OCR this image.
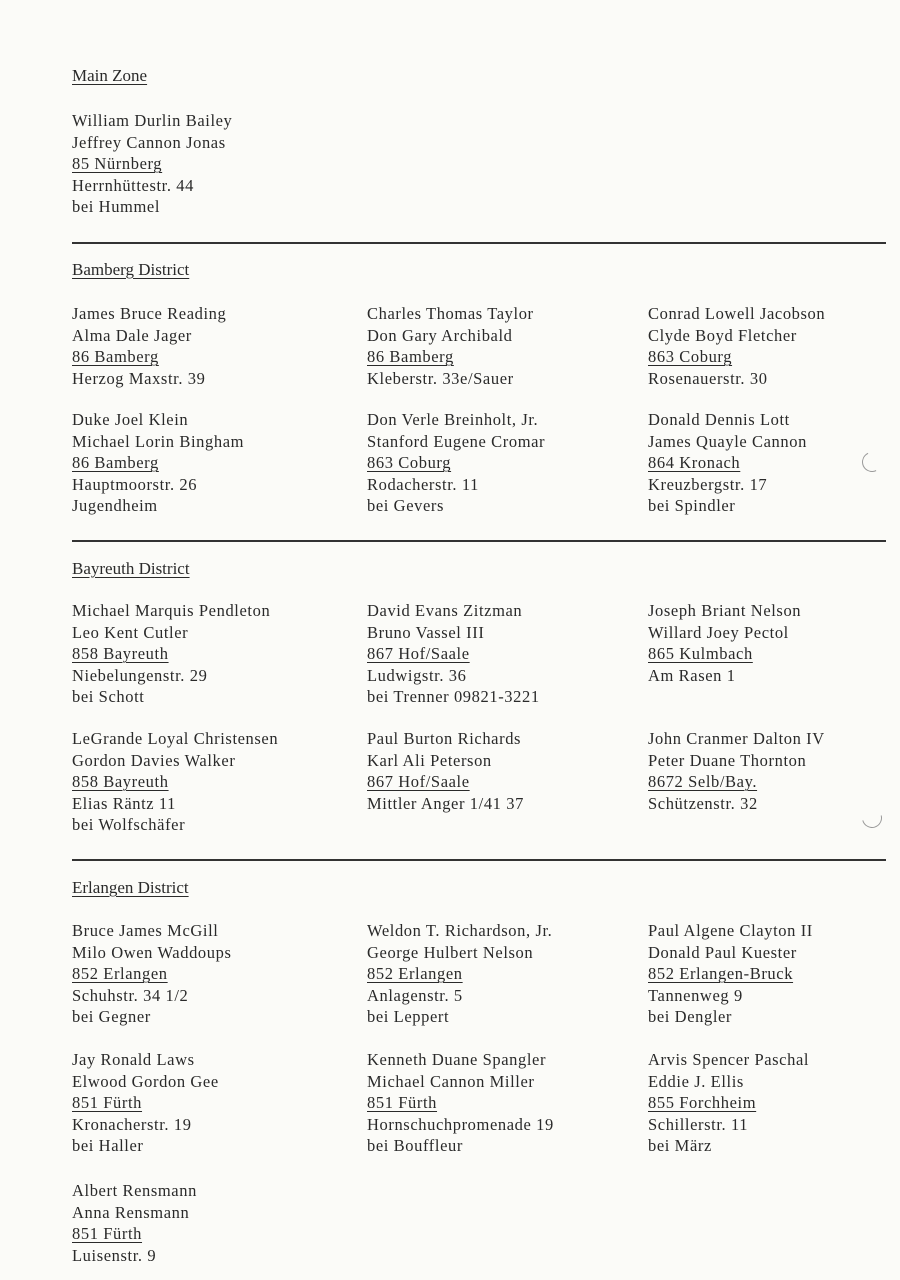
Main Zone
William Durlin Bailey
Jeffrey Cannon Jonas
85 Nürnberg
Herrnhüttestr. 44
bei Hummel
Bamberg District
James Bruce Reading
Alma Dale Jager
86 Bamberg
Herzog Maxstr. 39
Charles Thomas Taylor
Don Gary Archibald
86 Bamberg
Kleberstr. 33e/Sauer
Conrad Lowell Jacobson
Clyde Boyd Fletcher
863 Coburg
Rosenauerstr. 30
Duke Joel Klein
Michael Lorin Bingham
86 Bamberg
Hauptmoorstr. 26
Jugendheim
Don Verle Breinholt, Jr.
Stanford Eugene Cromar
863 Coburg
Rodacherstr. 11
bei Gevers
Donald Dennis Lott
James Quayle Cannon
864 Kronach
Kreuzbergstr. 17
bei Spindler
Bayreuth District
Michael Marquis Pendleton
Leo Kent Cutler
858 Bayreuth
Niebelungenstr. 29
bei Schott
David Evans Zitzman
Bruno Vassel III
867 Hof/Saale
Ludwigstr. 36
bei Trenner 09821-3221
Joseph Briant Nelson
Willard Joey Pectol
865 Kulmbach
Am Rasen 1
LeGrande Loyal Christensen
Gordon Davies Walker
858 Bayreuth
Elias Räntz 11
bei Wolfschäfer
Paul Burton Richards
Karl Ali Peterson
867 Hof/Saale
Mittler Anger 1/41 37
John Cranmer Dalton IV
Peter Duane Thornton
8672 Selb/Bay.
Schützenstr. 32
Erlangen District
Bruce James McGill
Milo Owen Waddoups
852 Erlangen
Schuhstr. 34 1/2
bei Gegner
Weldon T. Richardson, Jr.
George Hulbert Nelson
852 Erlangen
Anlagenstr. 5
bei Leppert
Paul Algene Clayton II
Donald Paul Kuester
852 Erlangen-Bruck
Tannenweg 9
bei Dengler
Jay Ronald Laws
Elwood Gordon Gee
851 Fürth
Kronacherstr. 19
bei Haller
Kenneth Duane Spangler
Michael Cannon Miller
851 Fürth
Hornschuchpromenade 19
bei Bouffleur
Arvis Spencer Paschal
Eddie J. Ellis
855 Forchheim
Schillerstr. 11
bei März
Albert Rensmann
Anna Rensmann
851 Fürth
Luisenstr. 9
